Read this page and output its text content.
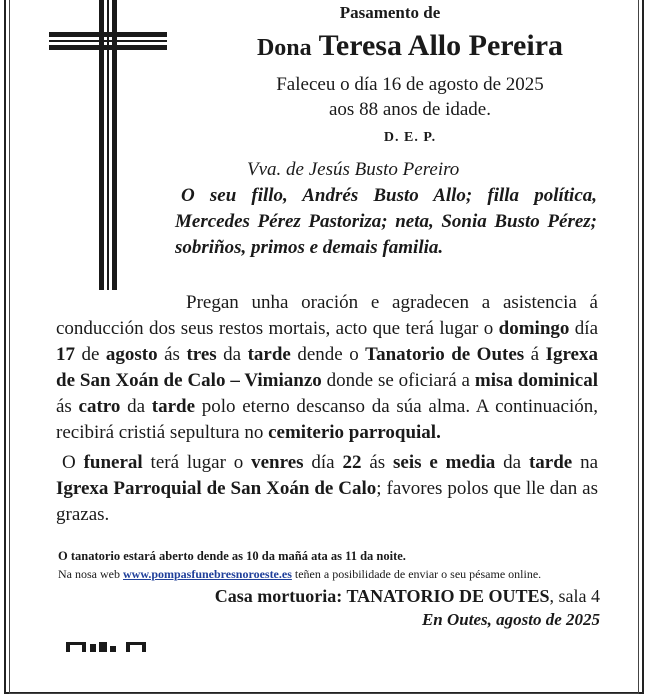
Pasamento de
Dona Teresa Allo Pereira
Faleceu o día 16 de agosto de 2025
aos 88 anos de idade.
D. E. P.
Vva. de Jesús Busto Pereiro
O seu fillo, Andrés Busto Allo; filla política, Mercedes Pérez Pastoriza; neta, Sonia Busto Pérez; sobriños, primos e demais familia.

Pregan unha oración e agradecen a asistencia á conducción dos seus restos mortais, acto que terá lugar o domingo día 17 de agosto ás tres da tarde dende o Tanatorio de Outes á Igrexa de San Xoán de Calo – Vimianzo donde se oficiará a misa dominical ás catro da tarde polo eterno descanso da súa alma. A continuación, recibirá cristiá sepultura no cemiterio parroquial.

O funeral terá lugar o venres día 22 ás seis e media da tarde na Igrexa Parroquial de San Xoán de Calo; favores polos que lle dan as grazas.

O tanatorio estará aberto dende as 10 da mañá ata as 11 da noite.
Na nosa web www.pompasfunebresnoroeste.es teñen a posibilidade de enviar o seu pésame online.
Casa mortuoria: TANATORIO DE OUTES, sala 4
En Outes, agosto de 2025
